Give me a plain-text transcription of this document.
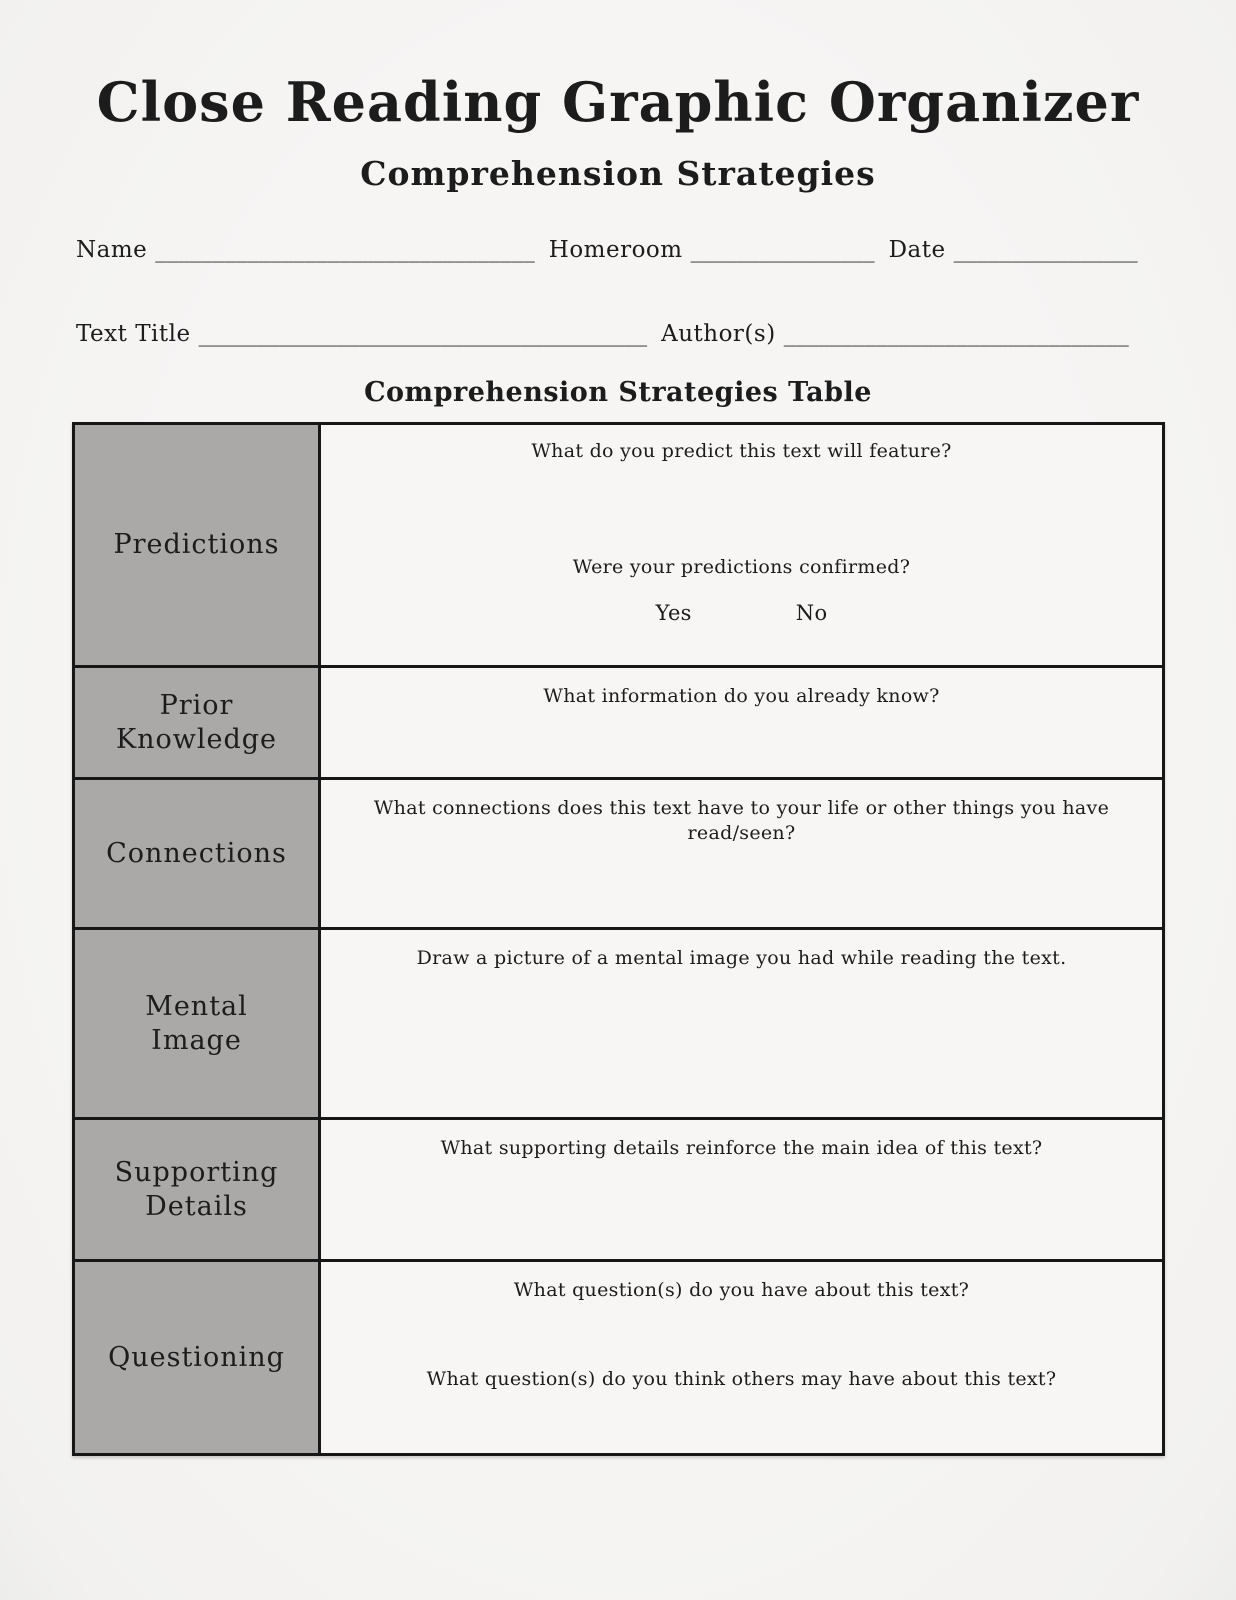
Close Reading Graphic Organizer
Comprehension Strategies
Name _________________________________ Homeroom ________________ Date ________________
Text Title _______________________________________ Author(s) ______________________________
Comprehension Strategies Table
Predictions
What do you predict this text will feature?
Were your predictions confirmed?
Yes	No
Prior Knowledge
What information do you already know?
Connections
What connections does this text have to your life or other things you have read/seen?
Mental Image
Draw a picture of a mental image you had while reading the text.
Supporting Details
What supporting details reinforce the main idea of this text?
Questioning
What question(s) do you have about this text?
What question(s) do you think others may have about this text?
